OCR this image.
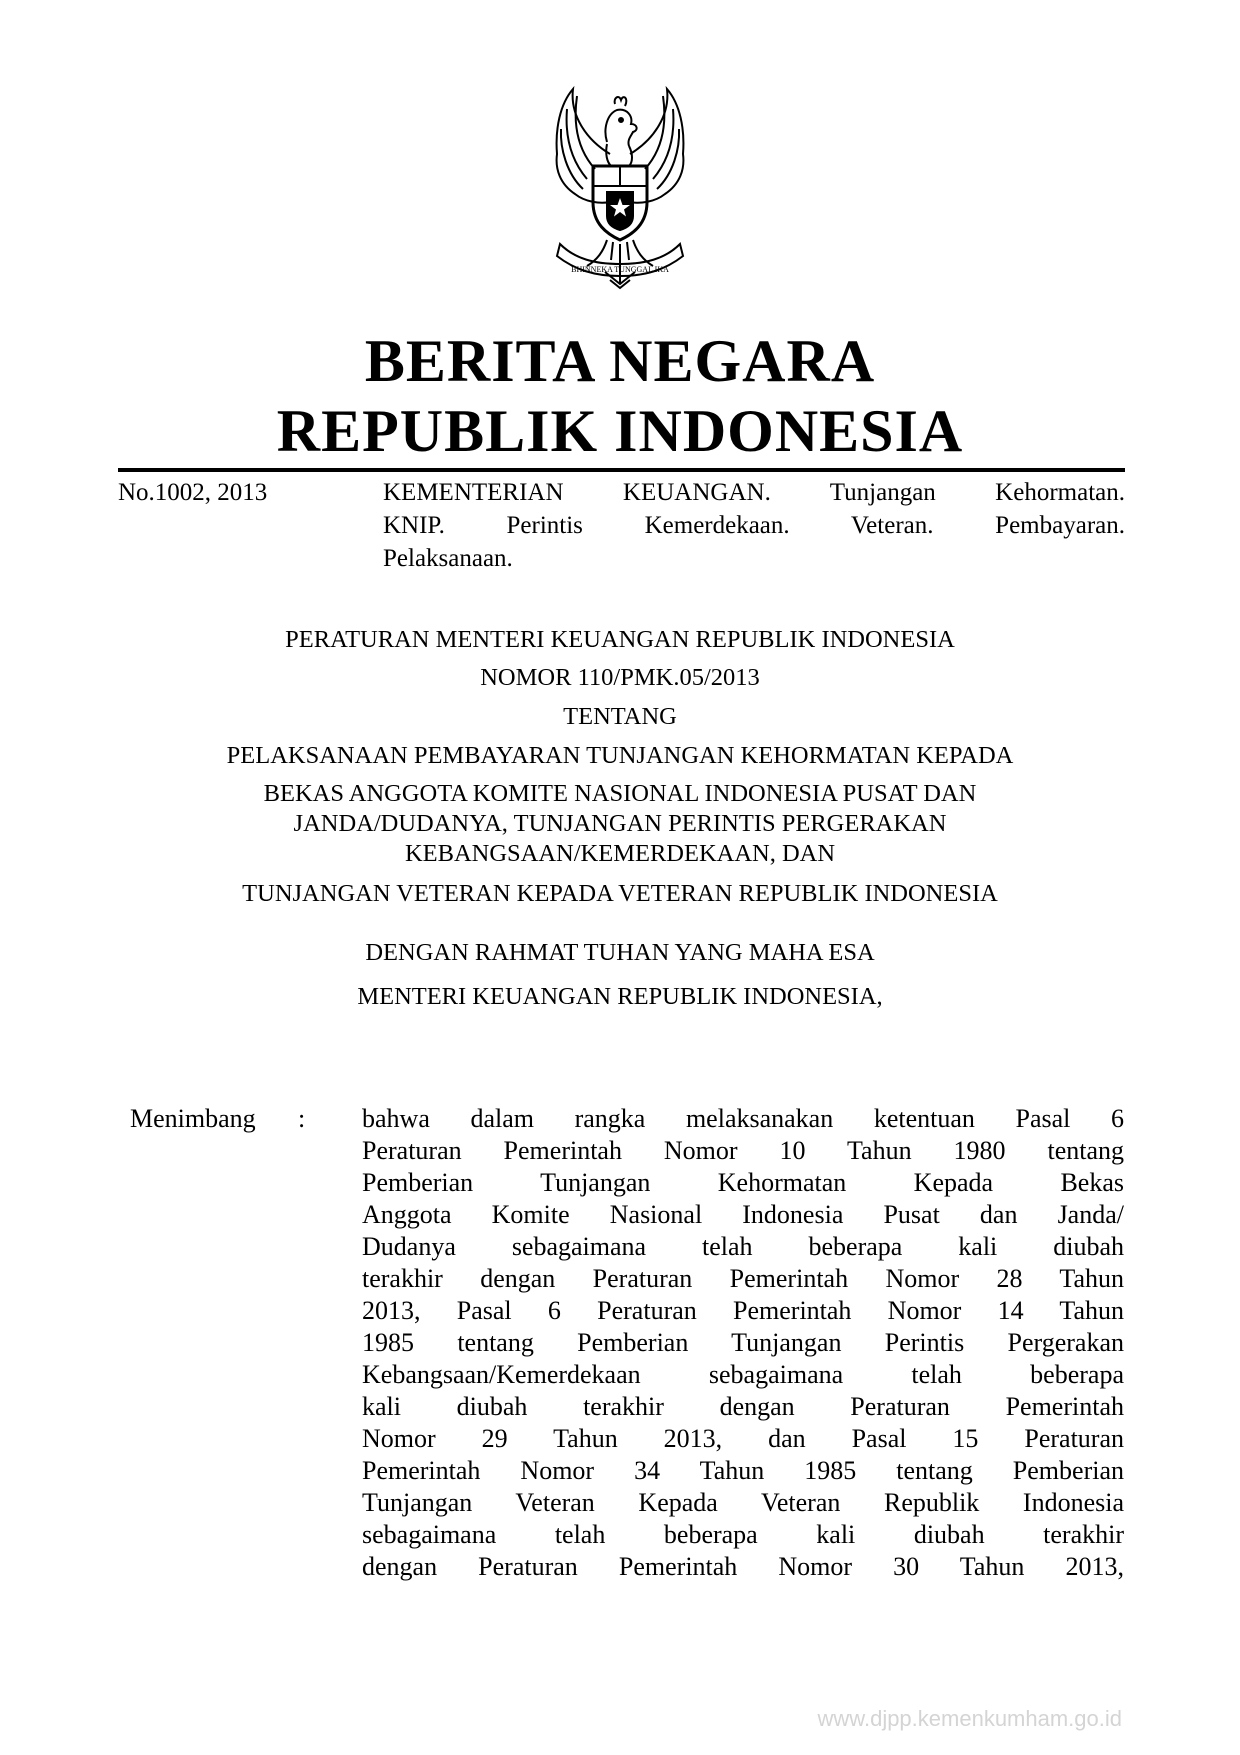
BHINNEKA TUNGGAL IKA
BERITA NEGARA
REPUBLIK INDONESIA
No.1002, 2013	KEMENTERIAN KEUANGAN. Tunjangan Kehormatan.
KNIP. Perintis Kemerdekaan. Veteran. Pembayaran.
Pelaksanaan.
PERATURAN MENTERI KEUANGAN REPUBLIK INDONESIA
NOMOR 110/PMK.05/2013
TENTANG
PELAKSANAAN PEMBAYARAN TUNJANGAN KEHORMATAN KEPADA
BEKAS ANGGOTA KOMITE NASIONAL INDONESIA PUSAT DAN
JANDA/DUDANYA, TUNJANGAN PERINTIS PERGERAKAN
KEBANGSAAN/KEMERDEKAAN, DAN
TUNJANGAN VETERAN KEPADA VETERAN REPUBLIK INDONESIA
DENGAN RAHMAT TUHAN YANG MAHA ESA
MENTERI KEUANGAN REPUBLIK INDONESIA,
Menimbang : bahwa dalam rangka melaksanakan ketentuan Pasal 6
Peraturan Pemerintah Nomor 10 Tahun 1980 tentang
Pemberian Tunjangan Kehormatan Kepada Bekas
Anggota Komite Nasional Indonesia Pusat dan Janda/
Dudanya sebagaimana telah beberapa kali diubah
terakhir dengan Peraturan Pemerintah Nomor 28 Tahun
2013, Pasal 6 Peraturan Pemerintah Nomor 14 Tahun
1985 tentang Pemberian Tunjangan Perintis Pergerakan
Kebangsaan/Kemerdekaan sebagaimana telah beberapa
kali diubah terakhir dengan Peraturan Pemerintah
Nomor 29 Tahun 2013, dan Pasal 15 Peraturan
Pemerintah Nomor 34 Tahun 1985 tentang Pemberian
Tunjangan Veteran Kepada Veteran Republik Indonesia
sebagaimana telah beberapa kali diubah terakhir
dengan Peraturan Pemerintah Nomor 30 Tahun 2013,
www.djpp.kemenkumham.go.id
